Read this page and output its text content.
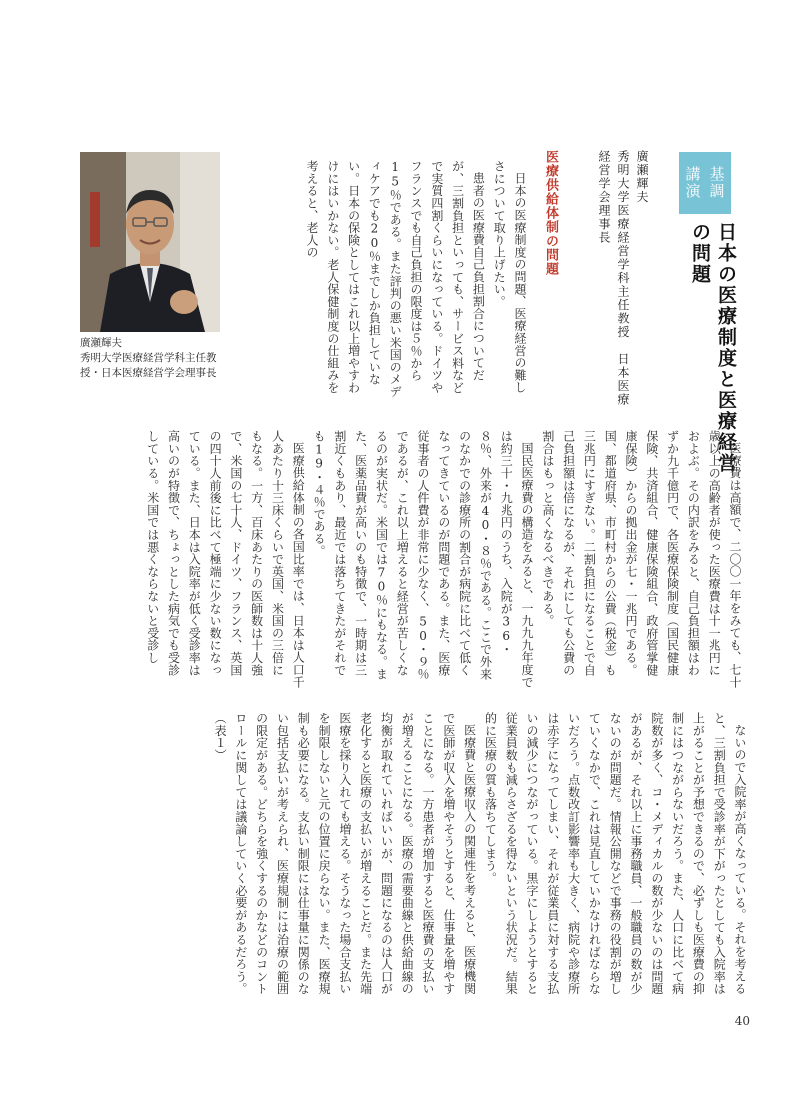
基調
講演
日本の医療制度と医療経営の問題
廣瀬輝夫
秀明大学医療経営学科主任教授　日本医療
経営学会理事長
医療供給体制の問題

日本の医療制度の問題、医療経営の難しさについて取り上げたい。

患者の医療費自己負担割合についてだが、三割負担といっても、サービス料などで実質四割くらいになっている。ドイツやフランスでも自己負担の限度は５％から15％である。また評判の悪い米国のメディケアでも20％までしか負担していない。日本の保険としてはこれ以上増やすわけにはいかない。老人保健制度の仕組みを考えると、老人の

医療費は高額で、二〇〇一年をみても、七十歳以上の高齢者が使った医療費は十一兆円におよぶ。その内訳をみると、自己負担額はわずか九千億円で、各医療保険制度（国民健康保険、共済組合、健康保険組合、政府管掌健康保険）からの拠出金が七・一兆円である。国、都道府県、市町村からの公費（税金）も三兆円にすぎない。二割負担になることで自己負担額は倍になるが、それにしても公費の割合はもっと高くなるべきである。

国民医療費の構造をみると、一九九九年度では約三十・九兆円のうち、入院が36・８％、外来が40・８％である。ここで外来のなかでの診療所の割合が病院に比べて低くなってきているのが問題である。また、医療従事者の人件費が非常に少なく、50・９％であるが、これ以上増えると経営が苦しくなるのが実状だ。米国では70％にもなる。また、医薬品費が高いのも特徴で、一時期は三割近くもあり、最近では落ちてきたがそれでも19・４％である。

医療供給体制の各国比率では、日本は人口千人あたり十三床くらいで英国、米国の三倍にもなる。一方、百床あたりの医師数は十人強で、米国の七十人、ドイツ、フランス、英国の四十人前後に比べて極端に少ない数になっている。また、日本は入院率が低く受診率は高いのが特徴で、ちょっとした病気でも受診している。米国では悪くならないと受診し

ないので入院率が高くなっている。それを考えると、三割負担で受診率が下がったとしても入院率は上がることが予想できるので、必ずしも医療費の抑制にはつながらないだろう。また、人口に比べて病院数が多く、コ・メディカルの数が少ないのは問題があるが、それ以上に事務職員、一般職員の数が少ないのが問題だ。情報公開などで事務の役割が増していくなかで、これは見直していかなければならないだろう。点数改訂影響率も大きく、病院や診療所は赤字になってしまい、それが従業員に対する支払いの減少につながっている。黒字にしようとすると従業員数も減らさざるを得ないという状況だ。結果的に医療の質も落ちてしまう。

医療費と医療収入の関連性を考えると、医療機関で医師が収入を増やそうとすると、仕事量を増やすことになる。一方患者が増加すると医療費の支払いが増えることになる。医療の需要曲線と供給曲線の均衡が取れていればいいが、問題になるのは人口が老化すると医療の支払いが増えることだ。また先端医療を採り入れても増える。そうなった場合支払いを制限しないと元の位置に戻らない。また、医療規制も必要になる。支払い制限には仕事量に関係のない包括支払いが考えられ、医療規制には治療の範囲の限定がある。どちらを強くするのかなどのコントロールに関しては議論していく必要があるだろう。（表１）

廣瀬輝夫
秀明大学医療経営学科主任教
授・日本医療経営学会理事長
40
